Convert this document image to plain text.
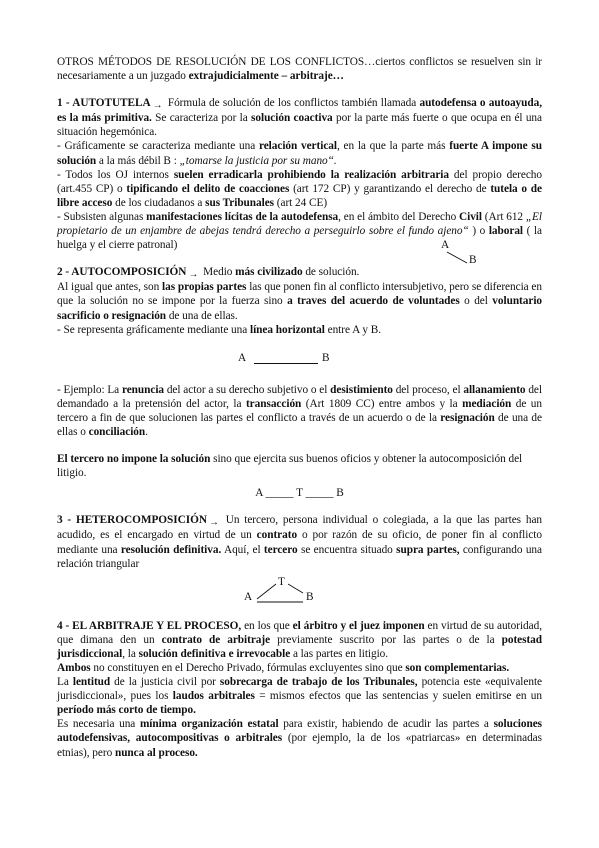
OTROS MÉTODOS DE RESOLUCIÓN DE LOS CONFLICTOS…ciertos conflictos se resuelven sin ir necesariamente a un juzgado extrajudicialmente – arbitraje…

1 - AUTOTUTELA → Fórmula de solución de los conflictos también llamada autodefensa o autoayuda, es la más primitiva. Se caracteriza por la solución coactiva por la parte más fuerte o que ocupa en él una situación hegemónica.

- Gráficamente se caracteriza mediante una relación vertical, en la que la parte más fuerte A impone su solución a la más débil B : „tomarse la justicia por su mano“.

- Todos los OJ internos suelen erradicarla prohibiendo la realización arbitraria del propio derecho (art.455 CP) o tipificando el delito de coacciones (art 172 CP) y garantizando el derecho de tutela o de libre acceso de los ciudadanos a sus Tribunales (art 24 CE)

- Subsisten algunas manifestaciones lícitas de la autodefensa, en el ámbito del Derecho Civil (Art 612 „El propietario de un enjambre de abejas tendrá derecho a perseguirlo sobre el fundo ajeno“ ) o laboral ( la huelga y el cierre patronal)	A
B

2 - AUTOCOMPOSICIÓN → Medio más civilizado de solución.

Al igual que antes, son las propias partes las que ponen fin al conflicto intersubjetivo, pero se diferencia en que la solución no se impone por la fuerza sino a traves del acuerdo de voluntades o del voluntario sacrificio o resignación de una de ellas.

- Se representa gráficamente mediante una línea horizontal entre A y B.

A	B

- Ejemplo: La renuncia del actor a su derecho subjetivo o el desistimiento del proceso, el allanamiento del demandado a la pretensión del actor, la transacción (Art 1809 CC) entre ambos y la mediación de un tercero a fin de que solucionen las partes el conflicto a través de un acuerdo o de la resignación de una de ellas o conciliación.

El tercero no impone la solución sino que ejercita sus buenos oficios y obtener la autocomposición del litigio.

A _____ T _____ B

3 - HETEROCOMPOSICIÓN → Un tercero, persona individual o colegiada, a la que las partes han acudido, es el encargado en virtud de un contrato o por razón de su oficio, de poner fin al conflicto mediante una resolución definitiva. Aquí, el tercero se encuentra situado supra partes, configurando una relación triangular

T
A	B

4 - EL ARBITRAJE Y EL PROCESO, en los que el árbitro y el juez imponen en virtud de su autoridad, que dimana den un contrato de arbitraje previamente suscrito por las partes o de la potestad jurisdiccional, la solución definitiva e irrevocable a las partes en litigio.

Ambos no constituyen en el Derecho Privado, fórmulas excluyentes sino que son complementarias.

La lentitud de la justicia civil por sobrecarga de trabajo de los Tribunales, potencia este «equivalente jurisdiccional», pues los laudos arbitrales = mismos efectos que las sentencias y suelen emitirse en un período más corto de tiempo.

Es necesaria una mínima organización estatal para existir, habiendo de acudir las partes a soluciones autodefensivas, autocompositivas o arbitrales (por ejemplo, la de los «patriarcas» en determinadas etnias), pero nunca al proceso.
